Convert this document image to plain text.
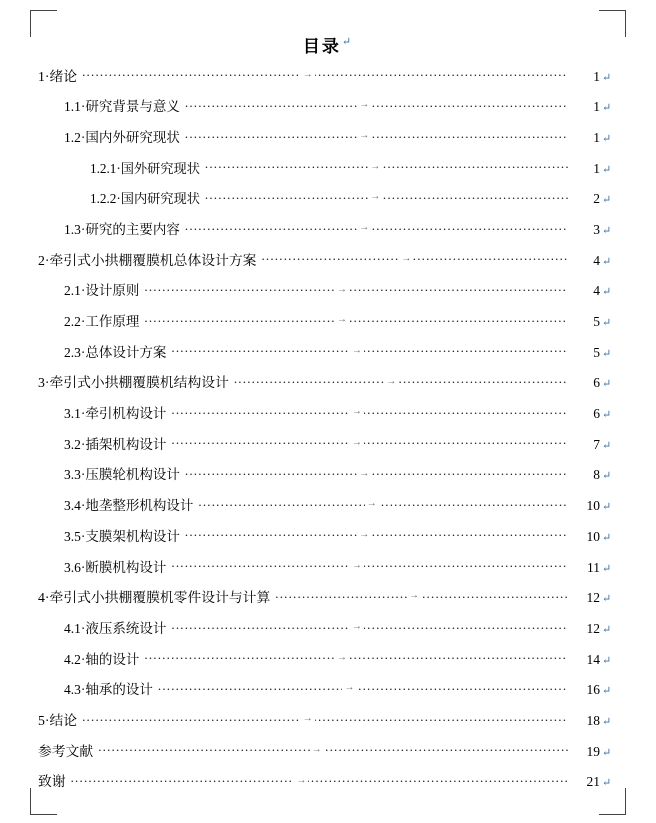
目录↵
1·绪论	..... →	1 ↵
1.1·研究背景与意义	..... →	1 ↵
1.2·国内外研究现状	..... →	1 ↵
1.2.1·国外研究现状	..... →	1 ↵
1.2.2·国内研究现状	..... →	2 ↵
1.3·研究的主要内容	..... →	3 ↵
2·牵引式小拱棚覆膜机总体设计方案	..... →	4 ↵
2.1·设计原则	..... →	4 ↵
2.2·工作原理	..... →	5 ↵
2.3·总体设计方案	..... →	5 ↵
3·牵引式小拱棚覆膜机结构设计	..... →	6 ↵
3.1·牵引机构设计	..... →	6 ↵
3.2·插架机构设计	..... →	7 ↵
3.3·压膜轮机构设计	..... →	8 ↵
3.4·地垄整形机构设计	..... →	10 ↵
3.5·支膜架机构设计	..... →	10 ↵
3.6·断膜机构设计	..... →	11 ↵
4·牵引式小拱棚覆膜机零件设计与计算	..... →	12 ↵
4.1·液压系统设计	..... →	12 ↵
4.2·轴的设计	..... →	14 ↵
4.3·轴承的设计	..... →	16 ↵
5·结论	..... →	18 ↵
参考文献	..... →	19 ↵
致谢	..... →	21 ↵
